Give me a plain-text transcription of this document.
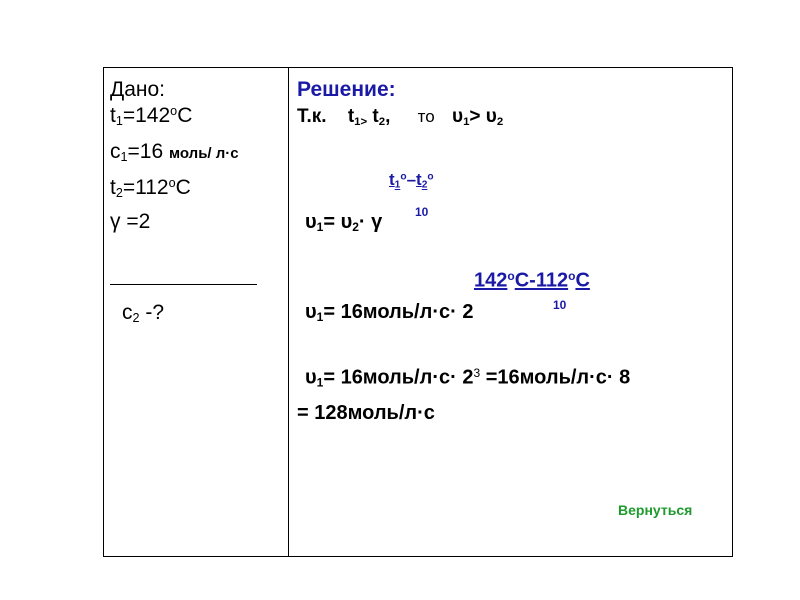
Дано:
$t_1=142^oC$
$c_1=16$ моль/ л·с
$t_2=112^oC$
γ =2
$c_2$ -?
Решение:
Т.к. $t_{1>}$ $t_2$, то $\upsilon_1> \upsilon_2$
$t_1^o-t_2^o$
10
$\upsilon_1= \upsilon_2\cdot \gamma$
142$^o$C-112$^o$C
10
$\upsilon_1=$ 16моль/л·с· 2
$\upsilon_1=$ 16моль/л·с· $2^3$ =16моль/л·с· 8
= 128моль/л·с
Вернуться
